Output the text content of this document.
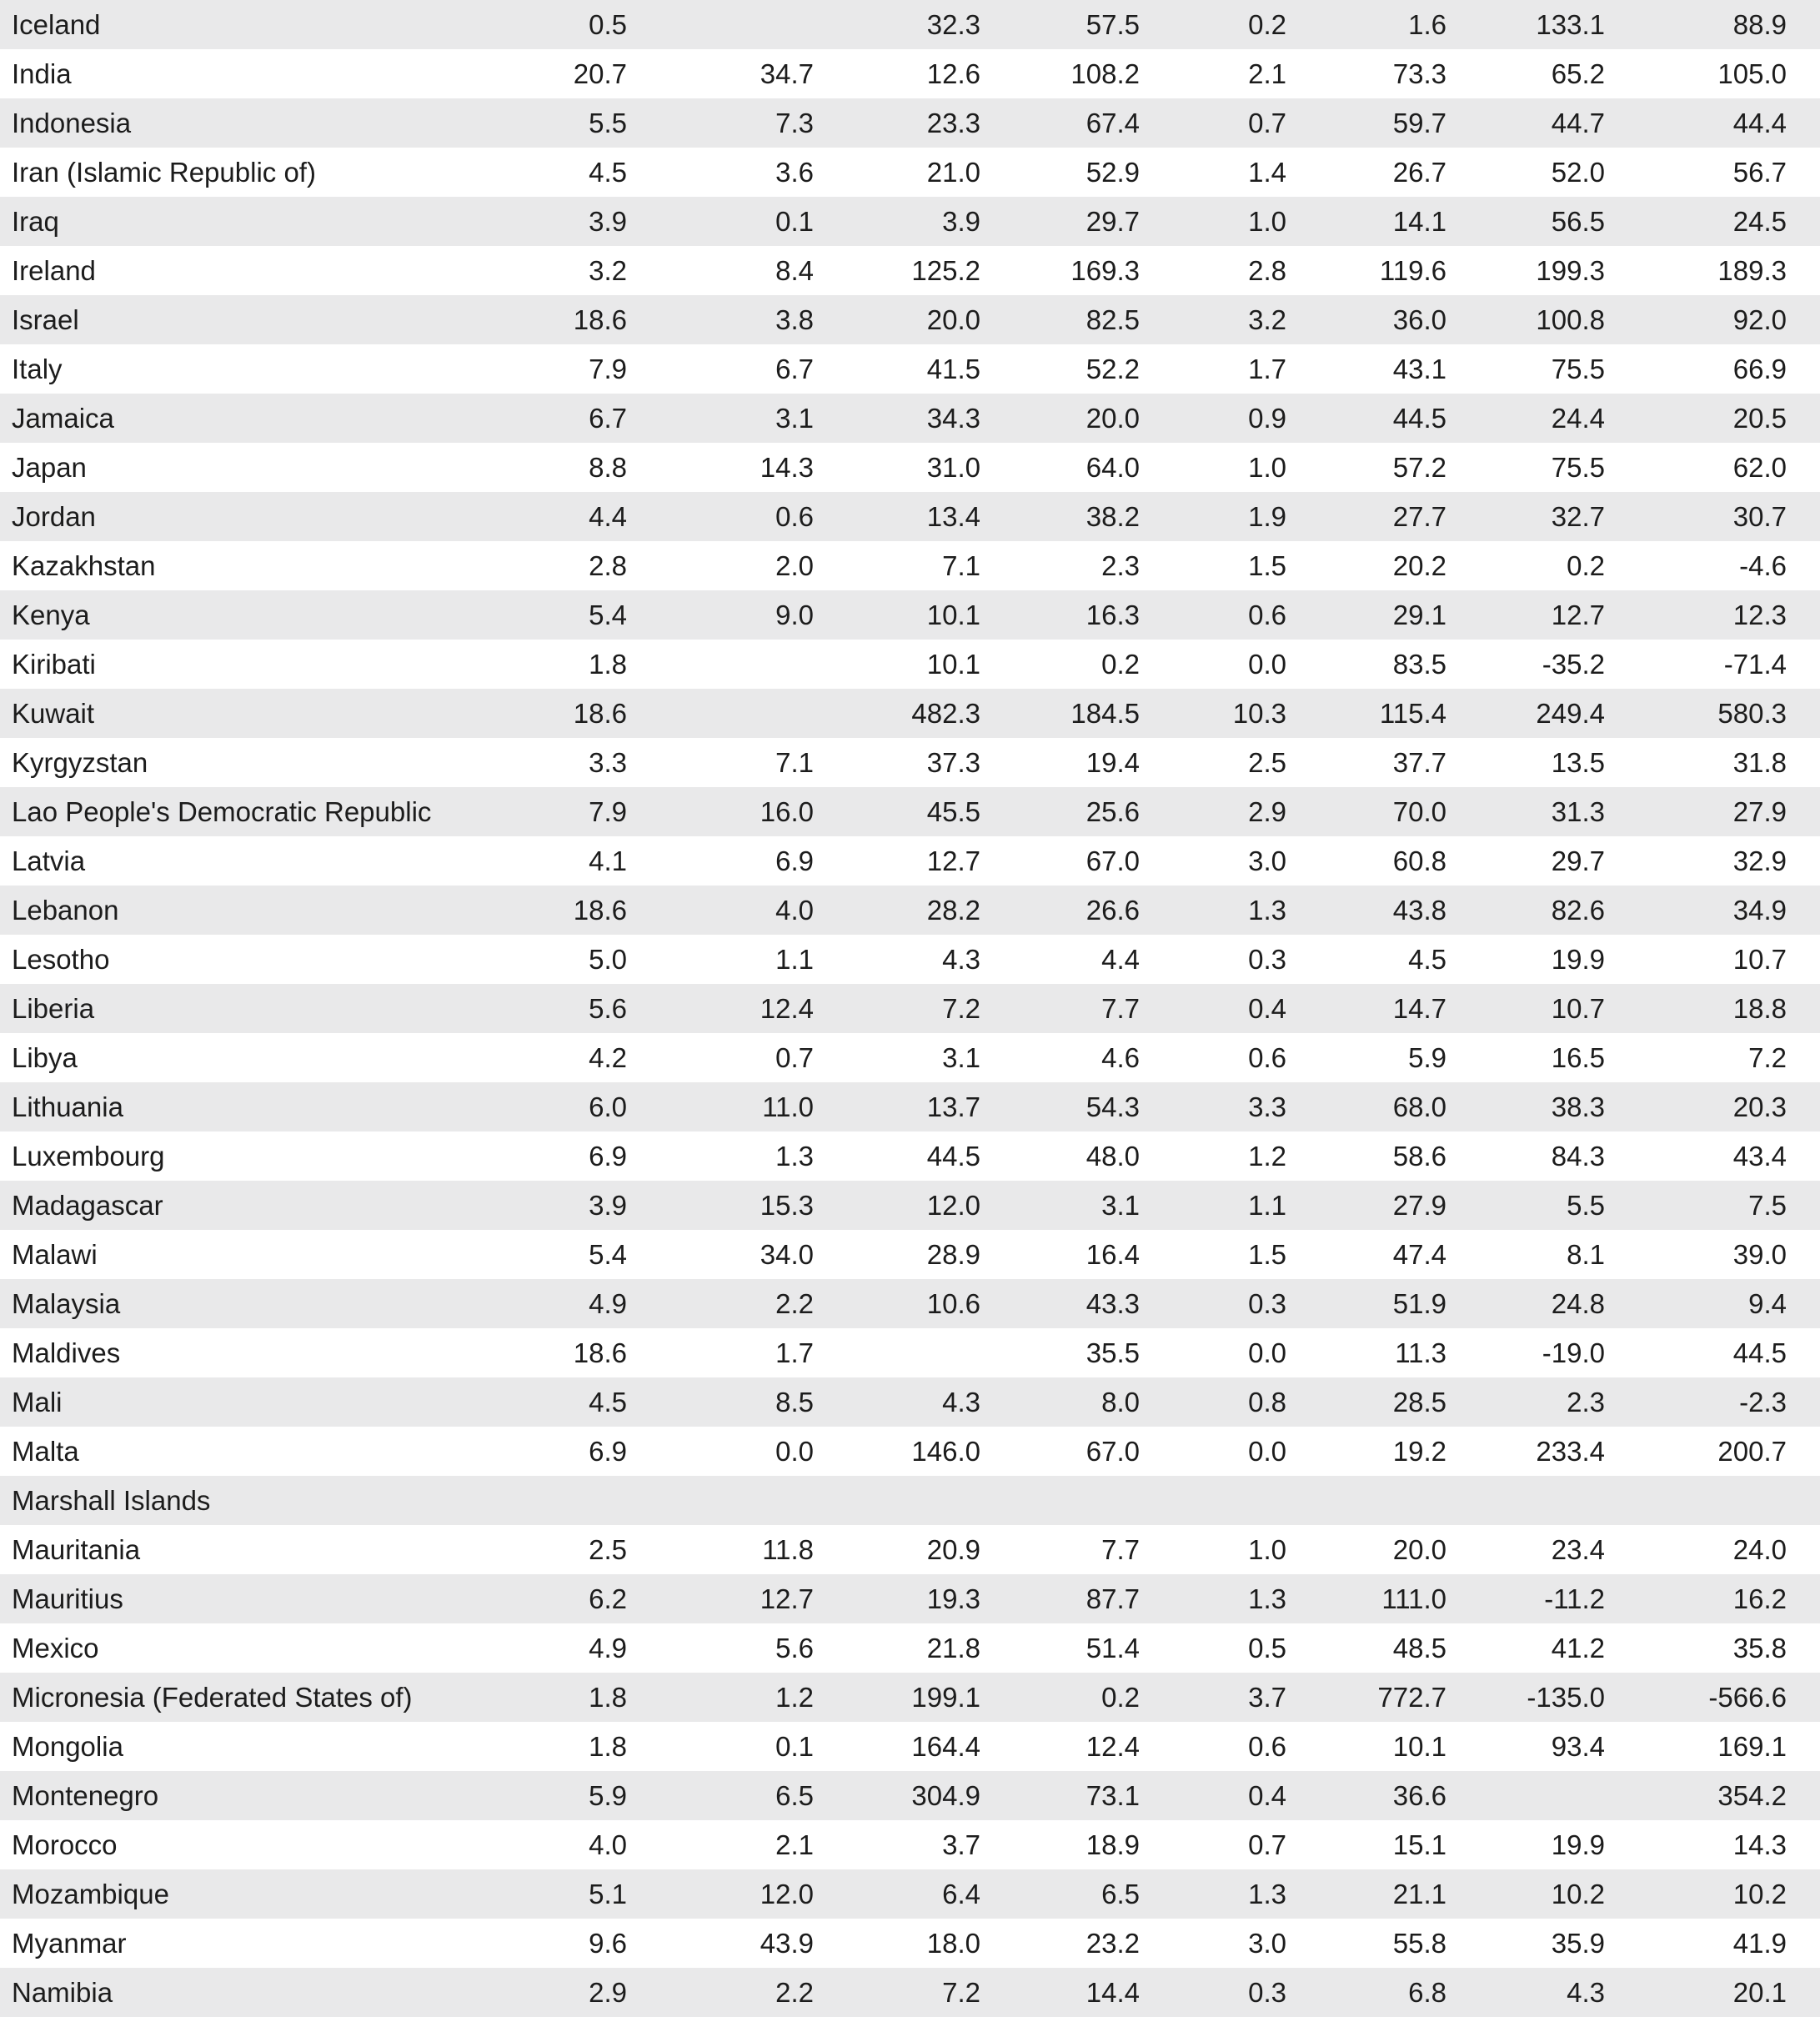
Iceland	0.5		32.3	57.5	0.2	1.6	133.1	88.9
India	20.7	34.7	12.6	108.2	2.1	73.3	65.2	105.0
Indonesia	5.5	7.3	23.3	67.4	0.7	59.7	44.7	44.4
Iran (Islamic Republic of)	4.5	3.6	21.0	52.9	1.4	26.7	52.0	56.7
Iraq	3.9	0.1	3.9	29.7	1.0	14.1	56.5	24.5
Ireland	3.2	8.4	125.2	169.3	2.8	119.6	199.3	189.3
Israel	18.6	3.8	20.0	82.5	3.2	36.0	100.8	92.0
Italy	7.9	6.7	41.5	52.2	1.7	43.1	75.5	66.9
Jamaica	6.7	3.1	34.3	20.0	0.9	44.5	24.4	20.5
Japan	8.8	14.3	31.0	64.0	1.0	57.2	75.5	62.0
Jordan	4.4	0.6	13.4	38.2	1.9	27.7	32.7	30.7
Kazakhstan	2.8	2.0	7.1	2.3	1.5	20.2	0.2	-4.6
Kenya	5.4	9.0	10.1	16.3	0.6	29.1	12.7	12.3
Kiribati	1.8		10.1	0.2	0.0	83.5	-35.2	-71.4
Kuwait	18.6		482.3	184.5	10.3	115.4	249.4	580.3
Kyrgyzstan	3.3	7.1	37.3	19.4	2.5	37.7	13.5	31.8
Lao People's Democratic Republic	7.9	16.0	45.5	25.6	2.9	70.0	31.3	27.9
Latvia	4.1	6.9	12.7	67.0	3.0	60.8	29.7	32.9
Lebanon	18.6	4.0	28.2	26.6	1.3	43.8	82.6	34.9
Lesotho	5.0	1.1	4.3	4.4	0.3	4.5	19.9	10.7
Liberia	5.6	12.4	7.2	7.7	0.4	14.7	10.7	18.8
Libya	4.2	0.7	3.1	4.6	0.6	5.9	16.5	7.2
Lithuania	6.0	11.0	13.7	54.3	3.3	68.0	38.3	20.3
Luxembourg	6.9	1.3	44.5	48.0	1.2	58.6	84.3	43.4
Madagascar	3.9	15.3	12.0	3.1	1.1	27.9	5.5	7.5
Malawi	5.4	34.0	28.9	16.4	1.5	47.4	8.1	39.0
Malaysia	4.9	2.2	10.6	43.3	0.3	51.9	24.8	9.4
Maldives	18.6	1.7		35.5	0.0	11.3	-19.0	44.5
Mali	4.5	8.5	4.3	8.0	0.8	28.5	2.3	-2.3
Malta	6.9	0.0	146.0	67.0	0.0	19.2	233.4	200.7
Marshall Islands								
Mauritania	2.5	11.8	20.9	7.7	1.0	20.0	23.4	24.0
Mauritius	6.2	12.7	19.3	87.7	1.3	111.0	-11.2	16.2
Mexico	4.9	5.6	21.8	51.4	0.5	48.5	41.2	35.8
Micronesia (Federated States of)	1.8	1.2	199.1	0.2	3.7	772.7	-135.0	-566.6
Mongolia	1.8	0.1	164.4	12.4	0.6	10.1	93.4	169.1
Montenegro	5.9	6.5	304.9	73.1	0.4	36.6		354.2
Morocco	4.0	2.1	3.7	18.9	0.7	15.1	19.9	14.3
Mozambique	5.1	12.0	6.4	6.5	1.3	21.1	10.2	10.2
Myanmar	9.6	43.9	18.0	23.2	3.0	55.8	35.9	41.9
Namibia	2.9	2.2	7.2	14.4	0.3	6.8	4.3	20.1
